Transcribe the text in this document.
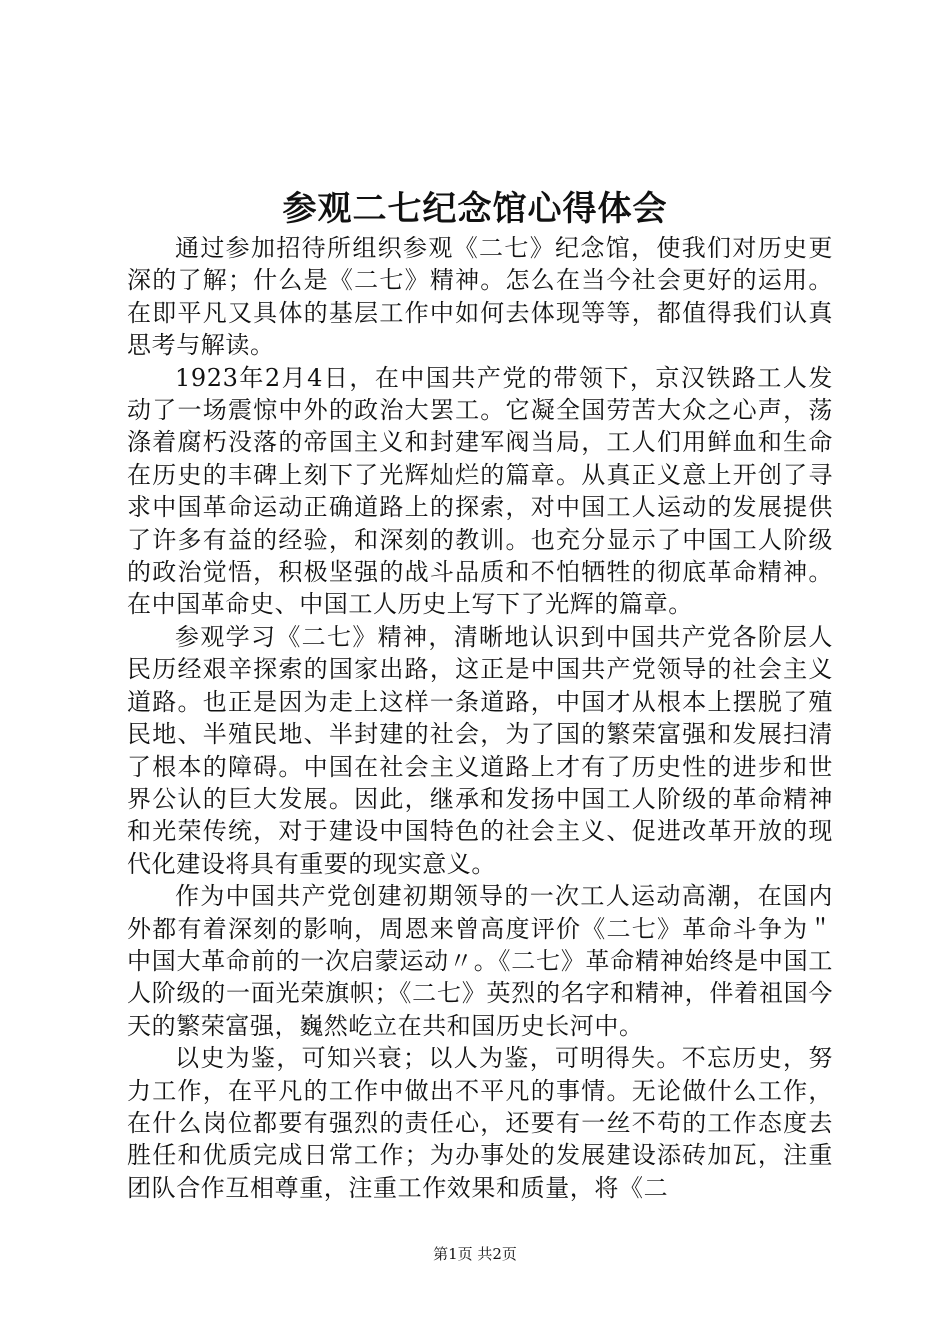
参观二七纪念馆心得体会

通过参加招待所组织参观《二七》纪念馆，使我们对历史更深的了解；什么是《二七》精神。怎么在当今社会更好的运用。在即平凡又具体的基层工作中如何去体现等等，都值得我们认真思考与解读。

1923年2月4日，在中国共产党的带领下，京汉铁路工人发动了一场震惊中外的政治大罢工。它凝全国劳苦大众之心声，荡涤着腐朽没落的帝国主义和封建军阀当局，工人们用鲜血和生命在历史的丰碑上刻下了光辉灿烂的篇章。从真正义意上开创了寻求中国革命运动正确道路上的探索，对中国工人运动的发展提供了许多有益的经验，和深刻的教训。也充分显示了中国工人阶级的政治觉悟，积极坚强的战斗品质和不怕牺牲的彻底革命精神。在中国革命史、中国工人历史上写下了光辉的篇章。

参观学习《二七》精神，清晰地认识到中国共产党各阶层人民历经艰辛探索的国家出路，这正是中国共产党领导的社会主义道路。也正是因为走上这样一条道路，中国才从根本上摆脱了殖民地、半殖民地、半封建的社会，为了国的繁荣富强和发展扫清了根本的障碍。中国在社会主义道路上才有了历史性的进步和世界公认的巨大发展。因此，继承和发扬中国工人阶级的革命精神和光荣传统，对于建设中国特色的社会主义、促进改革开放的现代化建设将具有重要的现实意义。

作为中国共产党创建初期领导的一次工人运动高潮，在国内外都有着深刻的影响，周恩来曾高度评价《二七》革命斗争为＂中国大革命前的一次启蒙运动〃。《二七》革命精神始终是中国工人阶级的一面光荣旗帜；《二七》英烈的名字和精神，伴着祖国今天的繁荣富强，巍然屹立在共和国历史长河中。

以史为鉴，可知兴衰；以人为鉴，可明得失。不忘历史，努力工作，在平凡的工作中做出不平凡的事情。无论做什么工作，在什么岗位都要有强烈的责任心，还要有一丝不苟的工作态度去胜任和优质完成日常工作；为办事处的发展建设添砖加瓦，注重团队合作互相尊重，注重工作效果和质量，将《二

第1页 共2页
